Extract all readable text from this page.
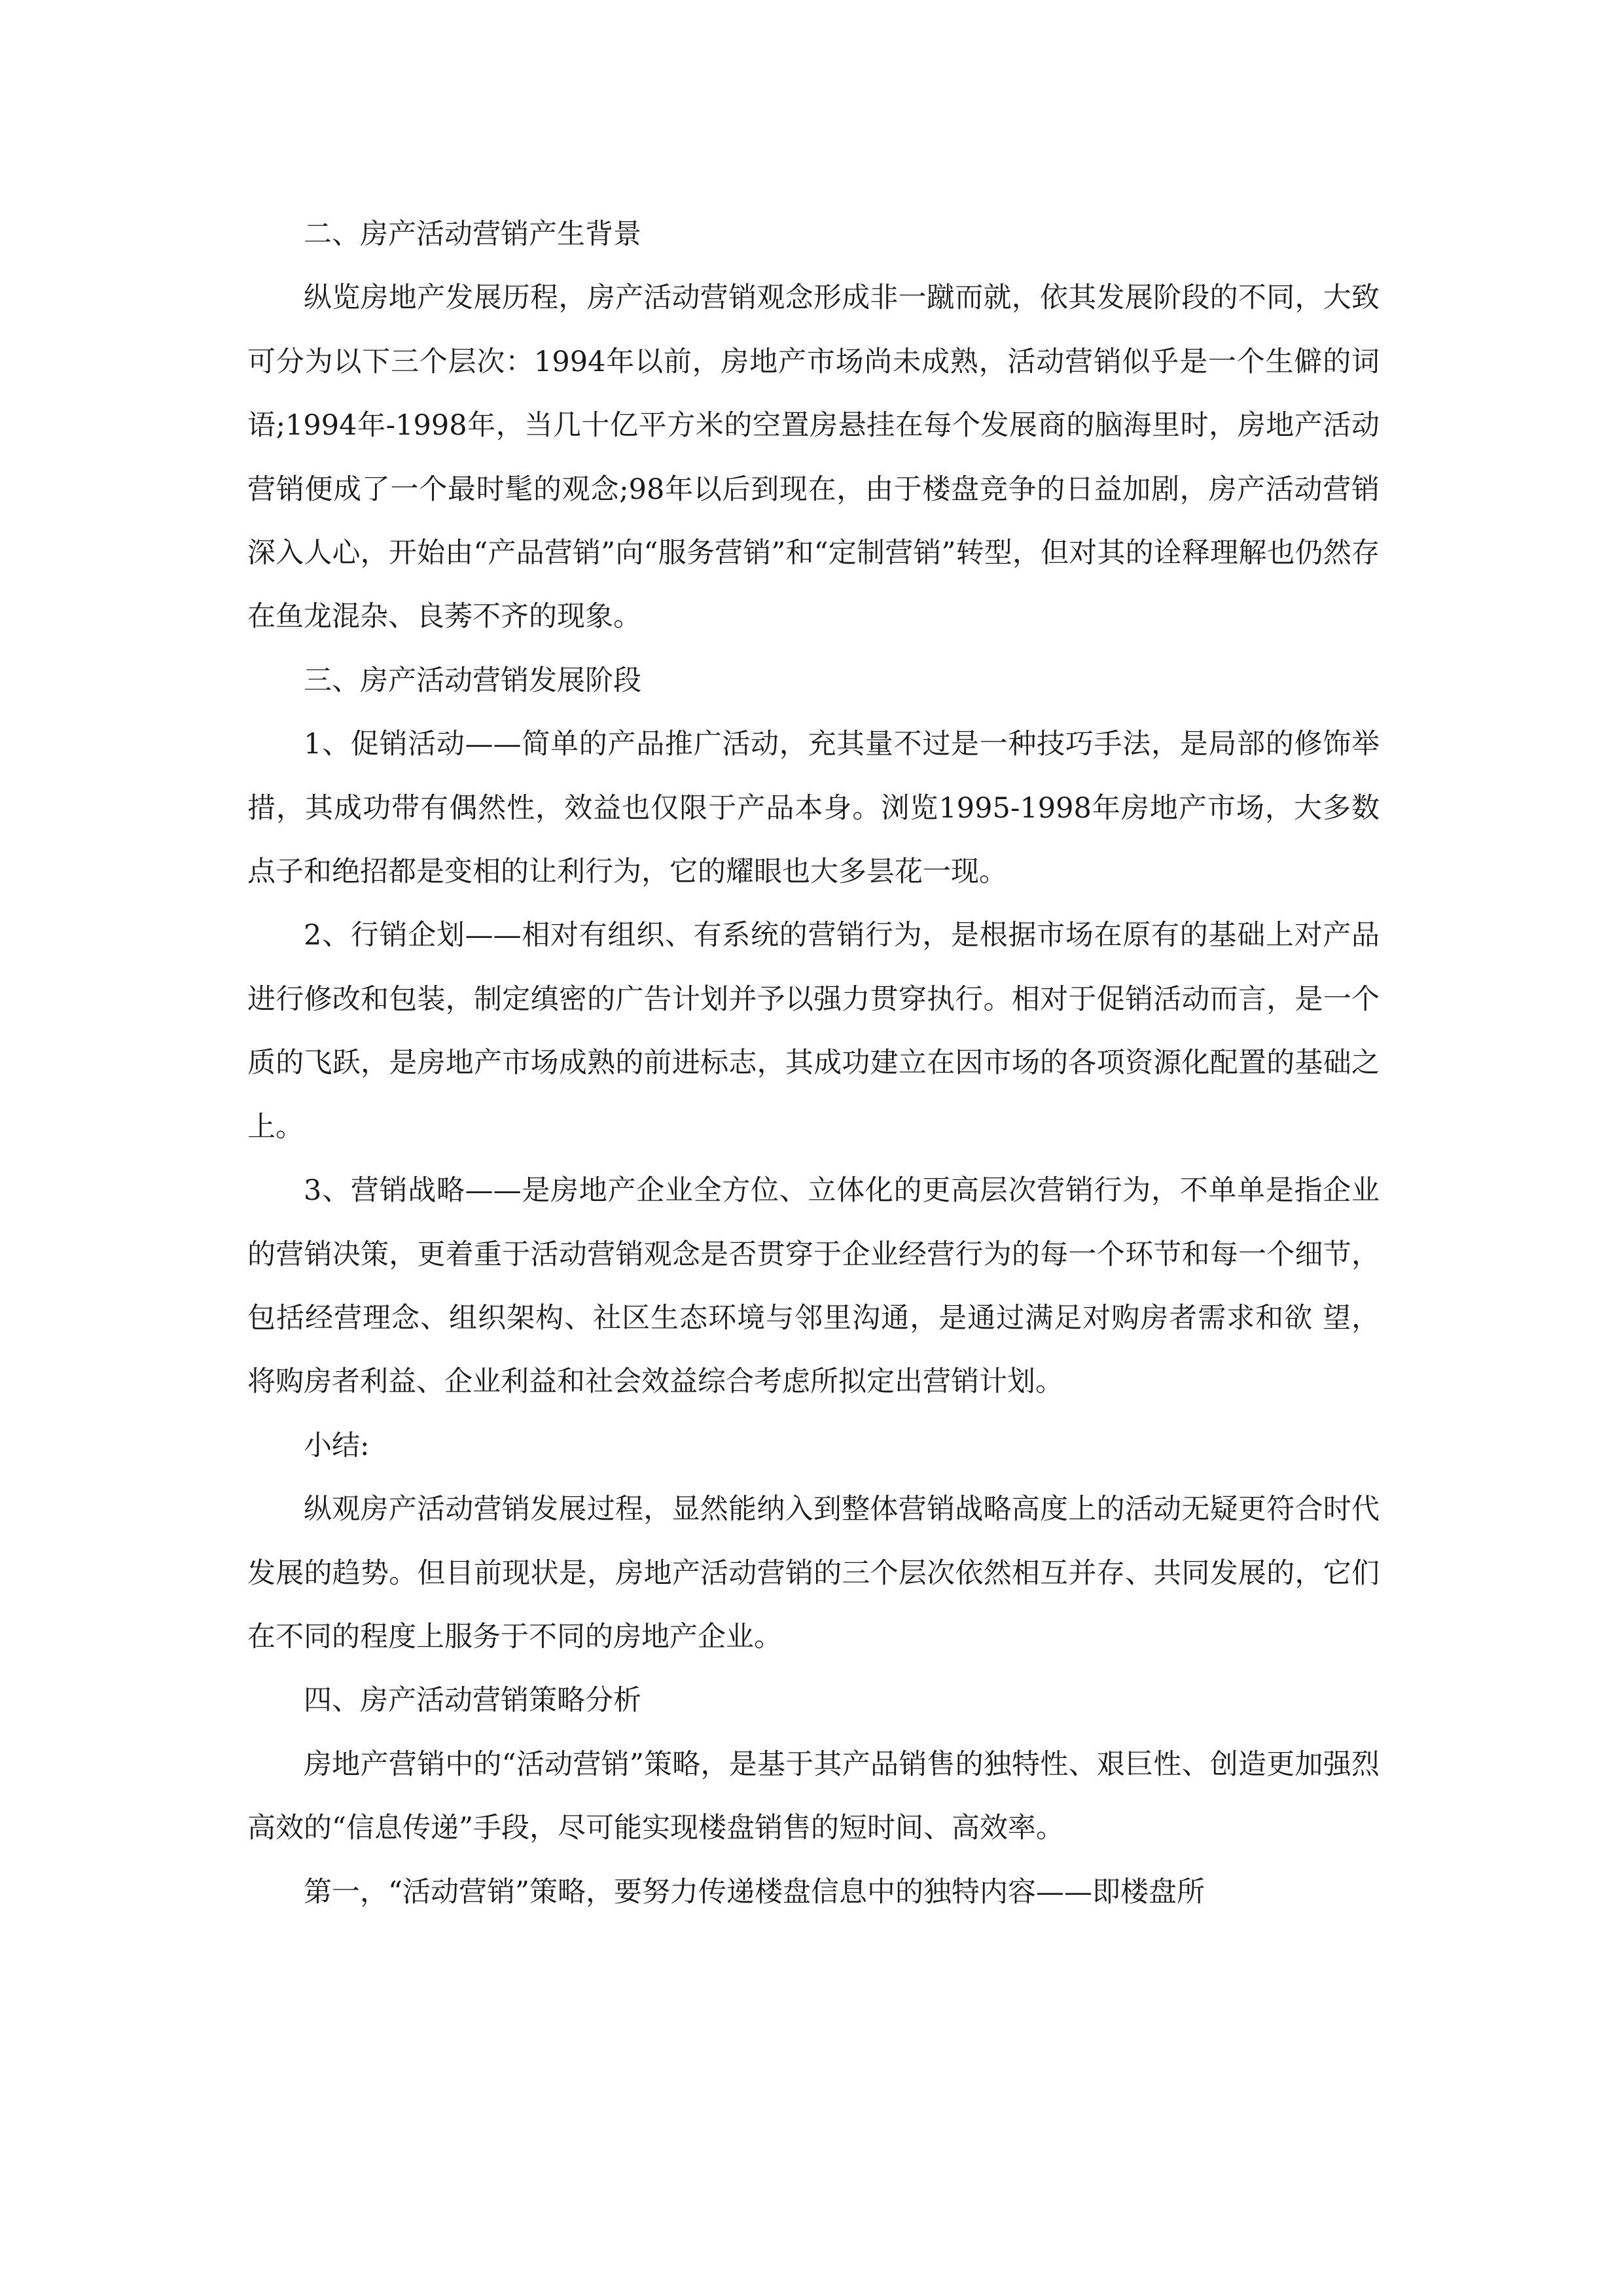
二、房产活动营销产生背景

纵览房地产发展历程，房产活动营销观念形成非一蹴而就，依其发展阶段的不同，大致可分为以下三个层次：1994年以前，房地产市场尚未成熟，活动营销似乎是一个生僻的词语;1994年-1998年，当几十亿平方米的空置房悬挂在每个发展商的脑海里时，房地产活动营销便成了一个最时髦的观念;98年以后到现在，由于楼盘竞争的日益加剧，房产活动营销深入人心，开始由“产品营销”向“服务营销”和“定制营销”转型，但对其的诠释理解也仍然存在鱼龙混杂、良莠不齐的现象。

三、房产活动营销发展阶段

1、促销活动——简单的产品推广活动，充其量不过是一种技巧手法，是局部的修饰举措，其成功带有偶然性，效益也仅限于产品本身。浏览1995-1998年房地产市场，大多数点子和绝招都是变相的让利行为，它的耀眼也大多昙花一现。

2、行销企划——相对有组织、有系统的营销行为，是根据市场在原有的基础上对产品进行修改和包装，制定缜密的广告计划并予以强力贯穿执行。相对于促销活动而言，是一个质的飞跃，是房地产市场成熟的前进标志，其成功建立在因市场的各项资源化配置的基础之上。

3、营销战略——是房地产企业全方位、立体化的更高层次营销行为，不单单是指企业的营销决策，更着重于活动营销观念是否贯穿于企业经营行为的每一个环节和每一个细节，包括经营理念、组织架构、社区生态环境与邻里沟通，是通过满足对购房者需求和欲 望，将购房者利益、企业利益和社会效益综合考虑所拟定出营销计划。

小结:

纵观房产活动营销发展过程，显然能纳入到整体营销战略高度上的活动无疑更符合时代发展的趋势。但目前现状是，房地产活动营销的三个层次依然相互并存、共同发展的，它们在不同的程度上服务于不同的房地产企业。

四、房产活动营销策略分析

房地产营销中的“活动营销”策略，是基于其产品销售的独特性、艰巨性、创造更加强烈高效的“信息传递”手段，尽可能实现楼盘销售的短时间、高效率。

第一，“活动营销”策略，要努力传递楼盘信息中的独特内容——即楼盘所
